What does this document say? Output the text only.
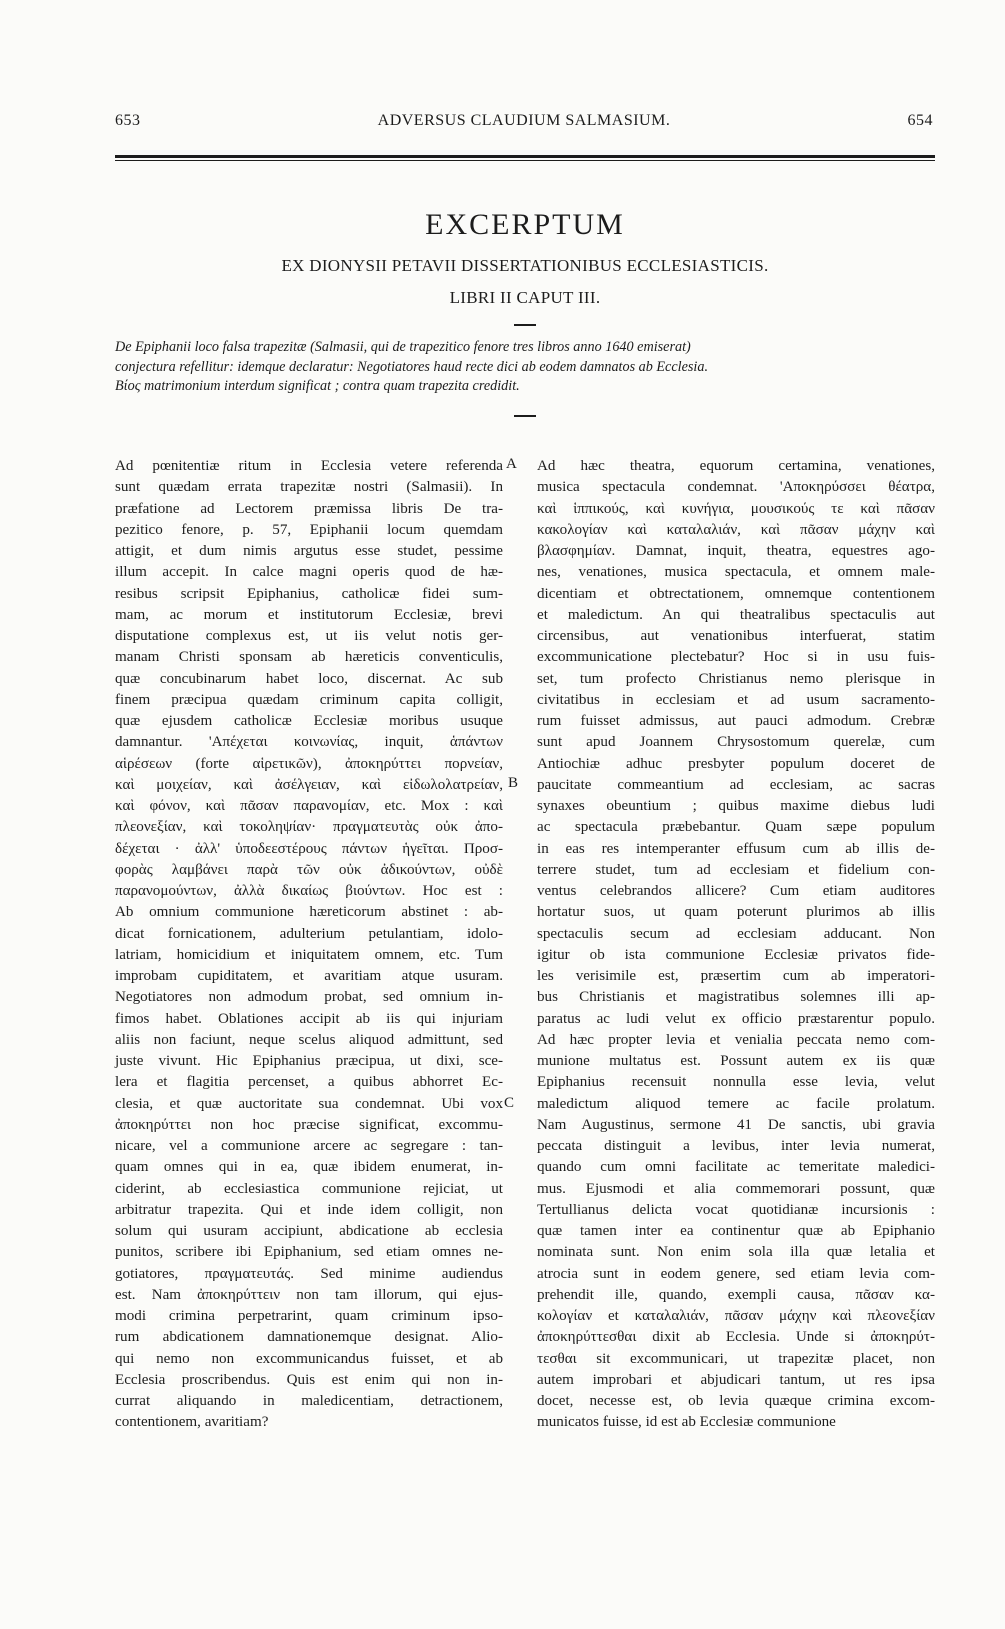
653	ADVERSUS CLAUDIUM SALMASIUM.	654
EXCERPTUM
EX DIONYSII PETAVII DISSERTATIONIBUS ECCLESIASTICIS.
LIBRI II CAPUT III.
De Epiphanii loco falsa trapezitæ (Salmasii, qui de trapezitico fenore tres libros anno 1640 emiserat)
conjectura refellitur: idemque declaratur: Negotiatores haud recte dici ab eodem damnatos ab Ecclesia.
Βίος matrimonium interdum significat ; contra quam trapezita credidit.
Ad pœnitentiæ ritum in Ecclesia vetere referenda
sunt quædam errata trapezitæ nostri (Salmasii). In
præfatione ad Lectorem præmissa libris De tra-
pezitico fenore, p. 57, Epiphanii locum quemdam
attigit, et dum nimis argutus esse studet, pessime
illum accepit. In calce magni operis quod de hæ-
resibus scripsit Epiphanius, catholicæ fidei sum-
mam, ac morum et institutorum Ecclesiæ, brevi
disputatione complexus est, ut iis velut notis ger-
manam Christi sponsam ab hæreticis conventiculis,
quæ concubinarum habet loco, discernat. Ac sub
finem præcipua quædam criminum capita colligit,
quæ ejusdem catholicæ Ecclesiæ moribus usuque
damnantur. 'Απέχεται κοινωνίας, inquit, ἁπάντων
αἱρέσεων (forte αἱρετικῶν), ἀποκηρύττει πορνείαν,
καὶ μοιχείαν, καὶ ἀσέλγειαν, καὶ εἰδωλολατρείαν,
καὶ φόνον, καὶ πᾶσαν παρανομίαν, etc. Mox : καὶ
πλεονεξίαν, καὶ τοκοληψίαν· πραγματευτὰς οὐκ ἀπο-
δέχεται · ἀλλ' ὑποδεεστέρους πάντων ἡγεῖται. Προσ-
φορὰς λαμβάνει παρὰ τῶν οὐκ ἀδικούντων, οὐδὲ
παρανομούντων, ἀλλὰ δικαίως βιούντων. Hoc est :
Ab omnium communione hæreticorum abstinet : ab-
dicat fornicationem, adulterium petulantiam, idolo-
latriam, homicidium et iniquitatem omnem, etc. Tum
improbam cupiditatem, et avaritiam atque usuram.
Negotiatores non admodum probat, sed omnium in-
fimos habet. Oblationes accipit ab iis qui injuriam
aliis non faciunt, neque scelus aliquod admittunt, sed
juste vivunt. Hic Epiphanius præcipua, ut dixi, sce-
lera et flagitia percenset, a quibus abhorret Ec-
clesia, et quæ auctoritate sua condemnat. Ubi vox
ἀποκηρύττει non hoc præcise significat, excommu-
nicare, vel a communione arcere ac segregare : tan-
quam omnes qui in ea, quæ ibidem enumerat, in-
ciderint, ab ecclesiastica communione rejiciat, ut
arbitratur trapezita. Qui et inde idem colligit, non
solum qui usuram accipiunt, abdicatione ab ecclesia
punitos, scribere ibi Epiphanium, sed etiam omnes ne-
gotiatores, πραγματευτάς. Sed minime audiendus
est. Nam ἀποκηρύττειν non tam illorum, qui ejus-
modi crimina perpetrarint, quam criminum ipso-
rum abdicationem damnationemque designat. Alio-
qui nemo non excommunicandus fuisset, et ab
Ecclesia proscribendus. Quis est enim qui non in-
currat aliquando in maledicentiam, detractionem,
contentionem, avaritiam?
Ad hæc theatra, equorum certamina, venationes,
musica spectacula condemnat. 'Αποκηρύσσει θέατρα,
καὶ ἱππικούς, καὶ κυνήγια, μουσικούς τε καὶ πᾶσαν
κακολογίαν καὶ καταλαλιάν, καὶ πᾶσαν μάχην καὶ
βλασφημίαν. Damnat, inquit, theatra, equestres ago-
nes, venationes, musica spectacula, et omnem male-
dicentiam et obtrectationem, omnemque contentionem
et maledictum. An qui theatralibus spectaculis aut
circensibus, aut venationibus interfuerat, statim
excommunicatione plectebatur? Hoc si in usu fuis-
set, tum profecto Christianus nemo plerisque in
civitatibus in ecclesiam et ad usum sacramento-
rum fuisset admissus, aut pauci admodum. Crebræ
sunt apud Joannem Chrysostomum querelæ, cum
Antiochiæ adhuc presbyter populum doceret de
paucitate commeantium ad ecclesiam, ac sacras
synaxes obeuntium ; quibus maxime diebus ludi
ac spectacula præbebantur. Quam sæpe populum
in eas res intemperanter effusum cum ab illis de-
terrere studet, tum ad ecclesiam et fidelium con-
ventus celebrandos allicere? Cum etiam auditores
hortatur suos, ut quam poterunt plurimos ab illis
spectaculis secum ad ecclesiam adducant. Non
igitur ob ista communione Ecclesiæ privatos fide-
les verisimile est, præsertim cum ab imperatori-
bus Christianis et magistratibus solemnes illi ap-
paratus ac ludi velut ex officio præstarentur populo.
Ad hæc propter levia et venialia peccata nemo com-
munione multatus est. Possunt autem ex iis quæ
Epiphanius recensuit nonnulla esse levia, velut
maledictum aliquod temere ac facile prolatum.
Nam Augustinus, sermone 41 De sanctis, ubi gravia
peccata distinguit a levibus, inter levia numerat,
quando cum omni facilitate ac temeritate maledici-
mus. Ejusmodi et alia commemorari possunt, quæ
Tertullianus delicta vocat quotidianæ incursionis :
quæ tamen inter ea continentur quæ ab Epiphanio
nominata sunt. Non enim sola illa quæ letalia et
atrocia sunt in eodem genere, sed etiam levia com-
prehendit ille, quando, exempli causa, πᾶσαν κα-
κολογίαν et καταλαλιάν, πᾶσαν μάχην καὶ πλεονεξίαν
ἀποκηρύττεσθαι dixit ab Ecclesia. Unde si ἀποκηρύτ-
τεσθαι sit excommunicari, ut trapezitæ placet, non
autem improbari et abjudicari tantum, ut res ipsa
docet, necesse est, ob levia quæque crimina excom-
municatos fuisse, id est ab Ecclesiæ communione
A
B
C
